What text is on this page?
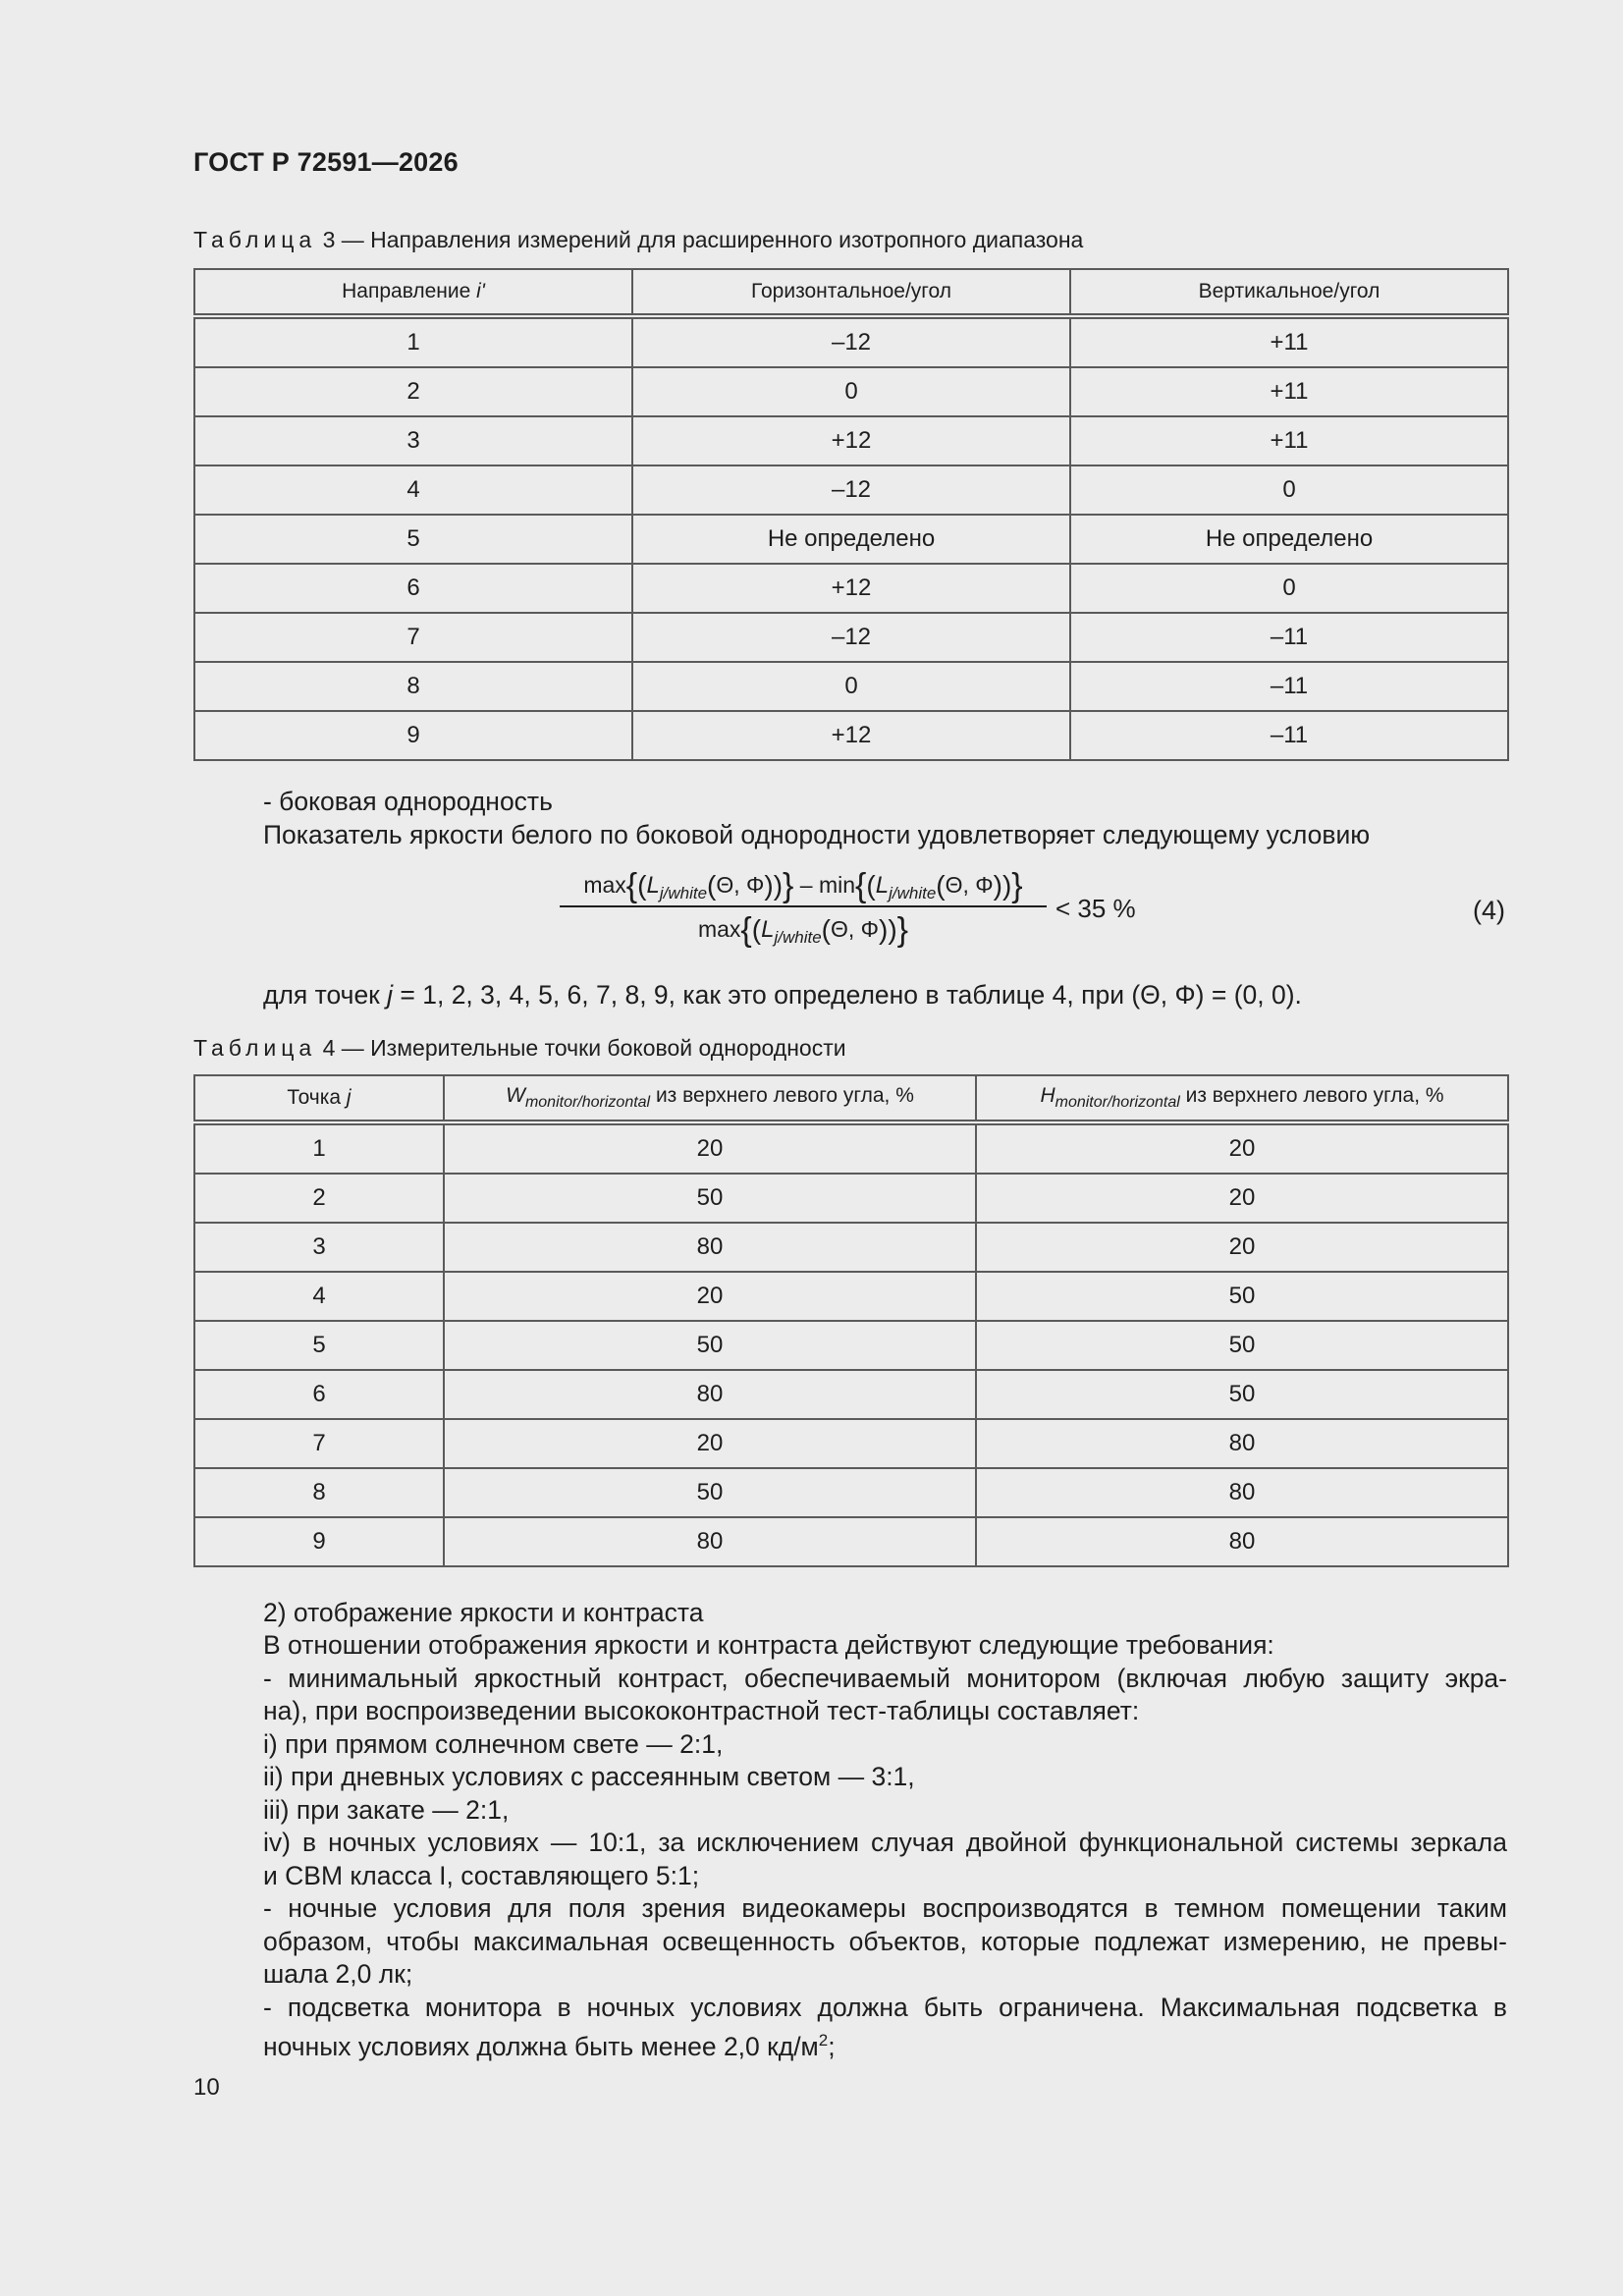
ГОСТ Р 72591—2026
Таблица 3 — Направления измерений для расширенного изотропного диапазона
Направление i'	Горизонтальное/угол	Вертикальное/угол
1	–12	+11
2	0	+11
3	+12	+11
4	–12	0
5	Не определено	Не определено
6	+12	0
7	–12	–11
8	0	–11
9	+12	–11
- боковая однородность
Показатель яркости белого по боковой однородности удовлетворяет следующему условию
$\max\{(L_{j/white}(\Theta$, $\Phi))\} - \min\{(L_{j/white}(\Theta$, Φ))}
$\max\{(L_{j/white}(\Theta$, Φ))}
< 35 %	(4)
для точек j = 1, 2, 3, 4, 5, 6, 7, 8, 9, как это определено в таблице 4, при (Θ, Φ) = (0, 0).
Таблица 4 — Измерительные точки боковой однородности
Точка j	$W_{monitor/horizontal}$ из верхнего левого угла, %	$H_{monitor/horizontal}$ из верхнего левого угла, %
1	20	20
2	50	20
3	80	20
4	20	50
5	50	50
6	80	50
7	20	80
8	50	80
9	80	80
2) отображение яркости и контраста
В отношении отображения яркости и контраста действуют следующие требования:
- минимальный яркостный контраст, обеспечиваемый монитором (включая любую защиту экра-
на), при воспроизведении высококонтрастной тест-таблицы составляет:
i) при прямом солнечном свете — 2:1,
ii) при дневных условиях с рассеянным светом — 3:1,
iii) при закате — 2:1,
iv) в ночных условиях — 10:1, за исключением случая двойной функциональной системы зеркала
и СВМ класса I, составляющего 5:1;
- ночные условия для поля зрения видеокамеры воспроизводятся в темном помещении таким
образом, чтобы максимальная освещенность объектов, которые подлежат измерению, не превы-
шала 2,0 лк;
- подсветка монитора в ночных условиях должна быть ограничена. Максимальная подсветка в
ночных условиях должна быть менее 2,0 $кд/м^2$;
10
